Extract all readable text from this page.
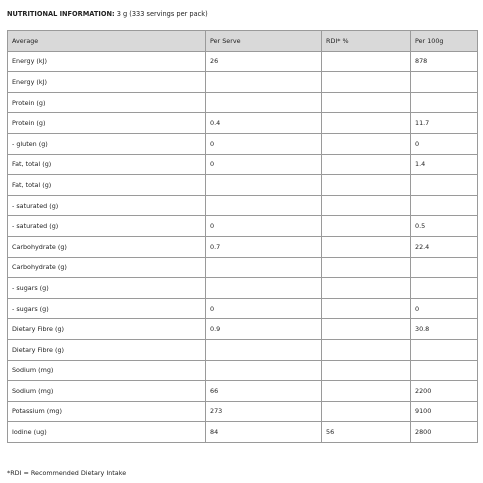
NUTRITIONAL INFORMATION: 3 g (333 servings per pack)
Average	Per Serve	RDI* %	Per 100g
Energy (kJ)	26		878
Energy (kJ)			
Protein (g)			
Protein (g)	0.4		11.7
- gluten (g)	0		0
Fat, total (g)	0		1.4
Fat, total (g)			
- saturated (g)			
- saturated (g)	0		0.5
Carbohydrate (g)	0.7		22.4
Carbohydrate (g)			
- sugars (g)			
- sugars (g)	0		0
Dietary Fibre (g)	0.9		30.8
Dietary Fibre (g)			
Sodium (mg)			
Sodium (mg)	66		2200
Potassium (mg)	273		9100
Iodine (ug)	84	56	2800
*RDI = Recommended Dietary Intake
